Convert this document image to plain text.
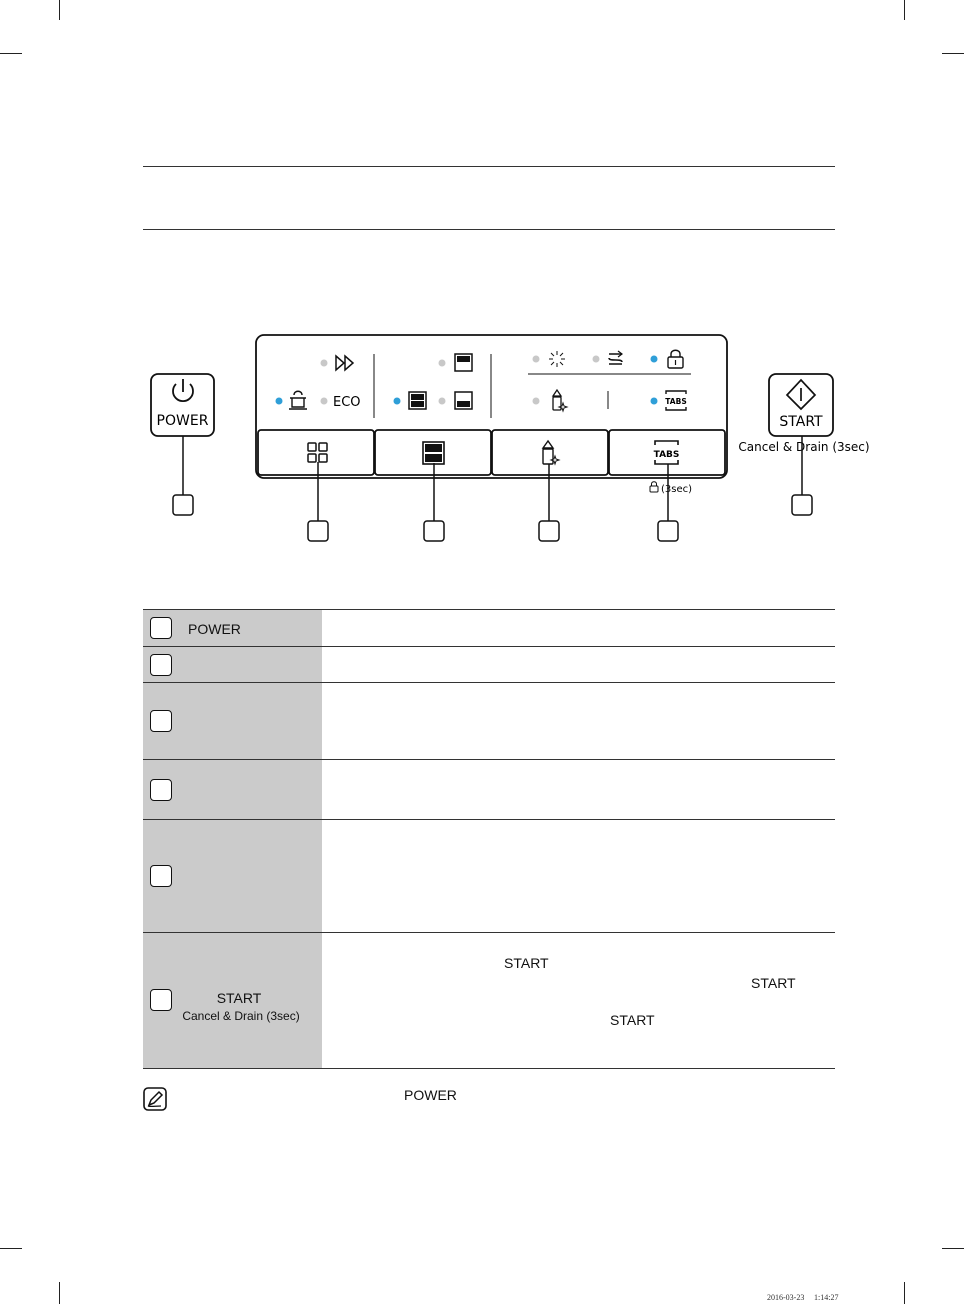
POWER
ECO	TABS
TABS
(3sec)
START
Cancel & Drain (3sec)
POWER
START
Cancel & Drain (3sec)
START
START
START
POWER
2016-03-23 ﾠ1:14:27
